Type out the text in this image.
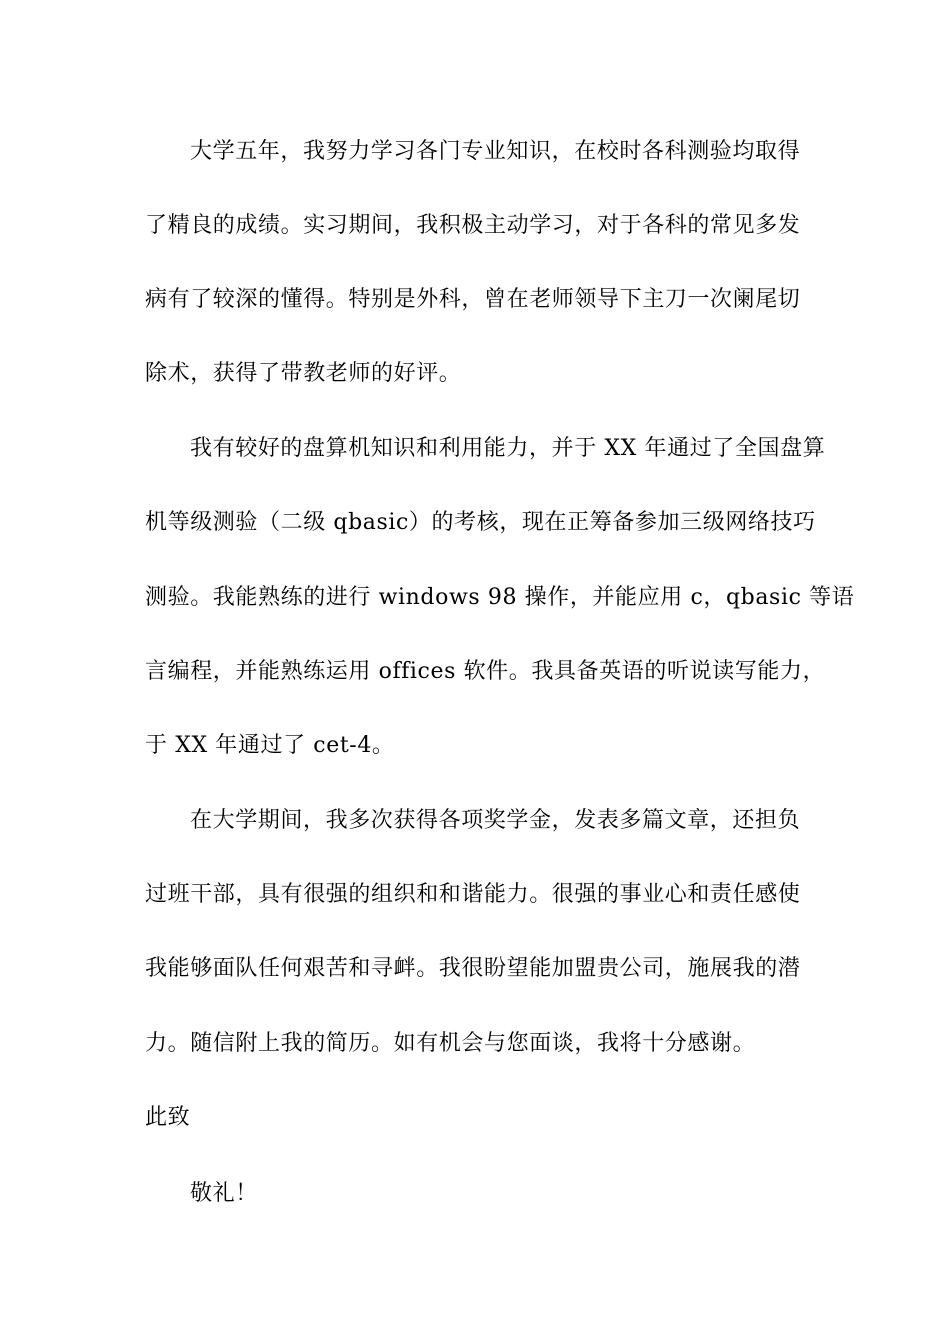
大学五年，我努力学习各门专业知识，在校时各科测验均取得
了精良的成绩。实习期间，我积极主动学习，对于各科的常见多发
病有了较深的懂得。特别是外科，曾在老师领导下主刀一次阑尾切
除术，获得了带教老师的好评。
我有较好的盘算机知识和利用能力，并于 XX 年通过了全国盘算
机等级测验（二级 qbasic）的考核，现在正筹备参加三级网络技巧
测验。我能熟练的进行 windows 98 操作，并能应用 c，qbasic 等语
言编程，并能熟练运用 offices 软件。我具备英语的听说读写能力，
于 XX 年通过了 cet-4。
在大学期间，我多次获得各项奖学金，发表多篇文章，还担负
过班干部，具有很强的组织和和谐能力。很强的事业心和责任感使
我能够面队任何艰苦和寻衅。我很盼望能加盟贵公司，施展我的潜
力。随信附上我的简历。如有机会与您面谈，我将十分感谢。
此致
敬礼！
